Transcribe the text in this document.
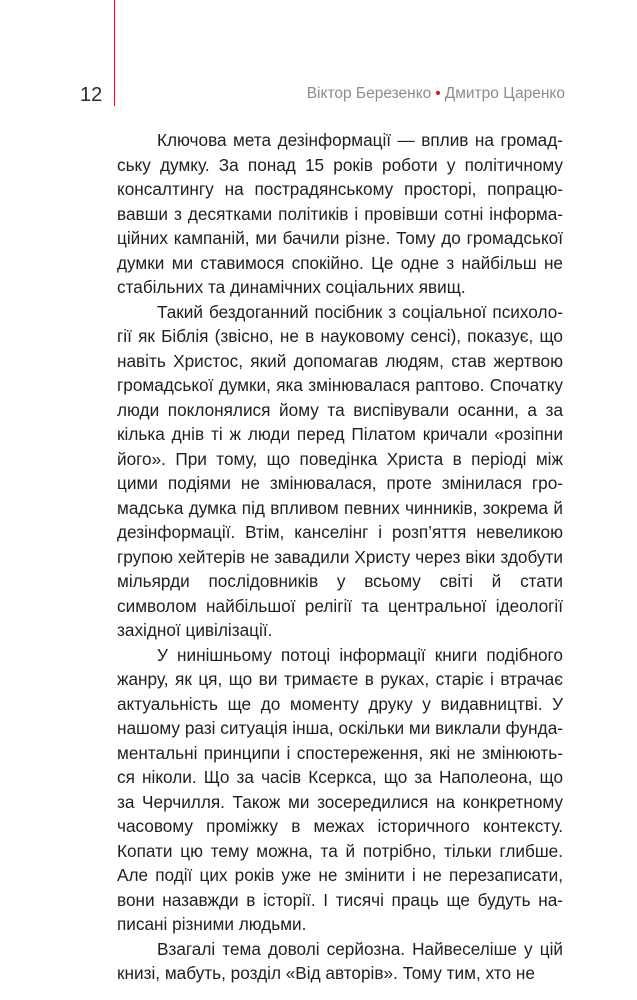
12	Віктор Березенко • Дмитро Царенко

Ключова мета дезінформації — вплив на громадську думку. За понад 15 років роботи у політичному консалтингу на пострадянському просторі, попрацювавши з десятками політиків і провівши сотні інформаційних кампаній, ми бачили різне. Тому до громадської думки ми ставимося спокійно. Це одне з найбільш не стабільних та динамічних соціальних явищ.

Такий бездоганний посібник з соціальної психології як Біблія (звісно, не в науковому сенсі), показує, що навіть Христос, який допомагав людям, став жертвою громадської думки, яка змінювалася раптово. Спочатку люди поклонялися йому та виспівували осанни, а за кілька днів ті ж люди перед Пілатом кричали «розіпни його». При тому, що поведінка Христа в періоді між цими подіями не змінювалася, проте змінилася громадська думка під впливом певних чинників, зокрема й дезінформації. Втім, канселінг і розп’яття невеликою групою хейтерів не завадили Христу через віки здобути мільярди послідовників у всьому світі й стати символом найбільшої релігії та центральної ідеології західної цивілізації.

У нинішньому потоці інформації книги подібного жанру, як ця, що ви тримаєте в руках, старіє і втрачає актуальність ще до моменту друку у видавництві. У нашому разі ситуація інша, оскільки ми виклали фундаментальні принципи і спостереження, які не змінюються ніколи. Що за часів Ксеркса, що за Наполеона, що за Черчилля. Також ми зосередилися на конкретному часовому проміжку в межах історичного контексту. Копати цю тему можна, та й потрібно, тільки глибше. Але події цих років уже не змінити і не перезаписати, вони назавжди в історії. І тисячі праць ще будуть написані різними людьми.

Взагалі тема доволі серйозна. Найвеселіше у цій книзі, мабуть, розділ «Від авторів». Тому тим, хто не
